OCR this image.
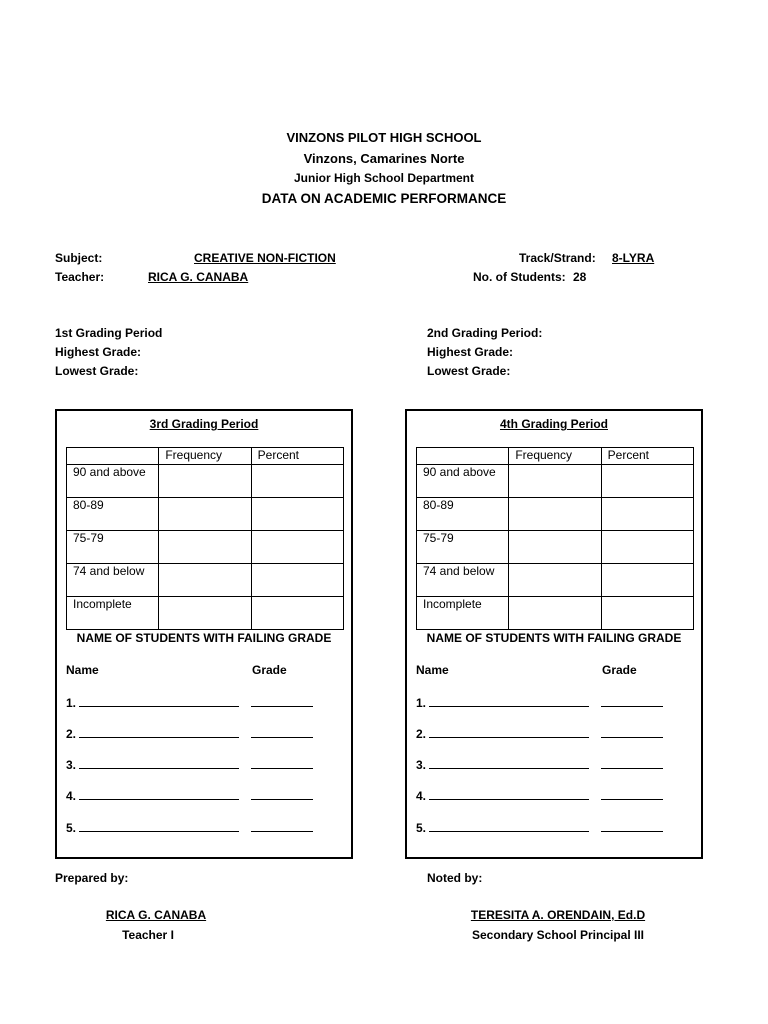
VINZONS PILOT HIGH SCHOOL
Vinzons, Camarines Norte
Junior High School Department
DATA ON ACADEMIC PERFORMANCE
Subject:	CREATIVE NON-FICTION
Teacher:	RICA G. CANABA
Track/Strand: 8-LYRA
No. of Students: 28
1st Grading Period
Highest Grade:
Lowest Grade:
2nd Grading Period:
Highest Grade:
Lowest Grade:
3rd Grading Period
	Frequency	Percent
90 and above		
80-89		
75-79		
74 and below		
Incomplete		
NAME OF STUDENTS WITH FAILING GRADE
Name	Grade
1.
2.
3.
4.
5.
4th Grading Period
	Frequency	Percent
90 and above		
80-89		
75-79		
74 and below		
Incomplete		
NAME OF STUDENTS WITH FAILING GRADE
Name	Grade
1.
2.
3.
4.
5.
Prepared by:	Noted by:
RICA G. CANABA
Teacher I
TERESITA A. ORENDAIN, Ed.D
Secondary School Principal III
